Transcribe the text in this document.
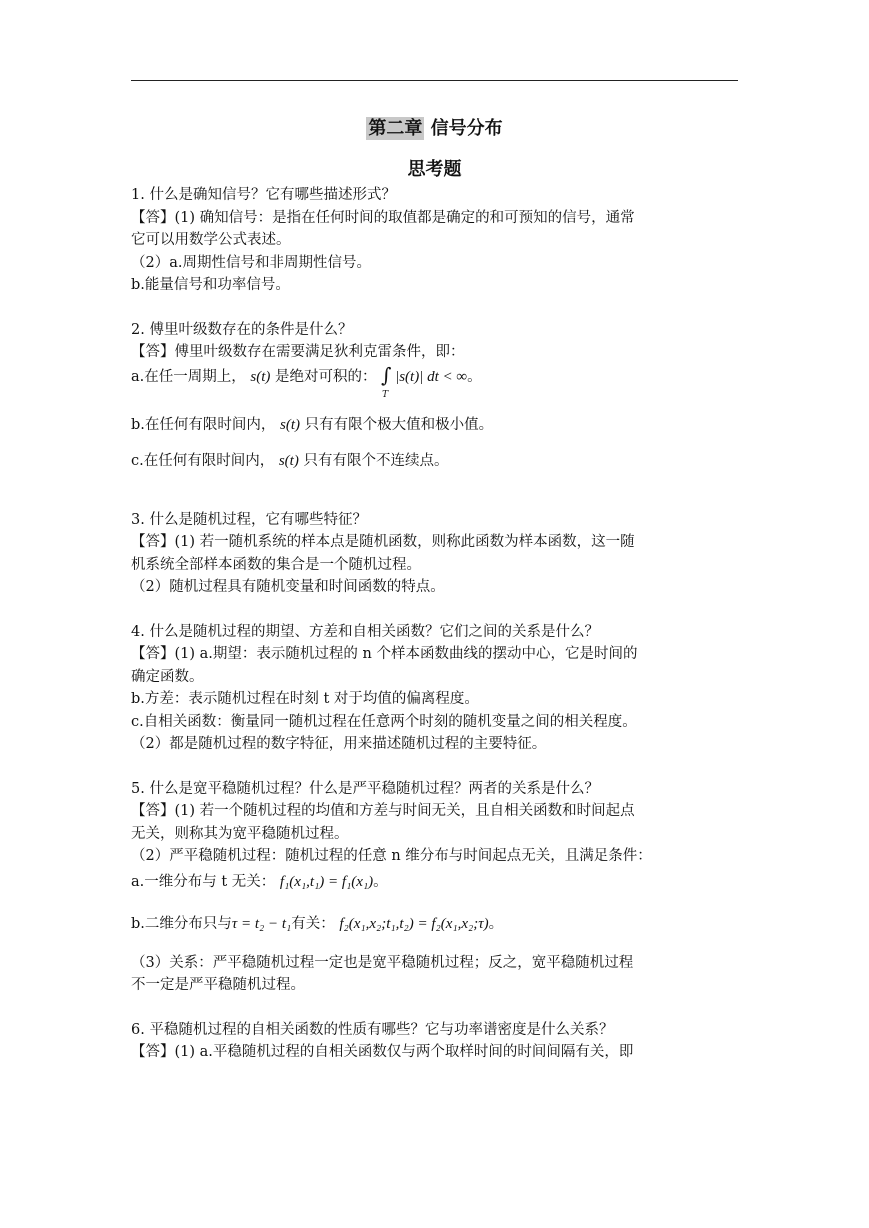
第二章 信号分布
思考题
1. 什么是确知信号？它有哪些描述形式？
【答】(1) 确知信号：是指在任何时间的取值都是确定的和可预知的信号，通常
它可以用数学公式表述。
（2）a.周期性信号和非周期性信号。
b.能量信号和功率信号。
2. 傅里叶级数存在的条件是什么？
【答】傅里叶级数存在需要满足狄利克雷条件，即：
a.在任一周期上， s(t) 是绝对可积的： ∫
T
|s(t)| dt < ∞。
b.在任何有限时间内， s(t) 只有有限个极大值和极小值。
c.在任何有限时间内， s(t) 只有有限个不连续点。
3. 什么是随机过程，它有哪些特征？
【答】(1) 若一随机系统的样本点是随机函数，则称此函数为样本函数，这一随
机系统全部样本函数的集合是一个随机过程。
（2）随机过程具有随机变量和时间函数的特点。
4. 什么是随机过程的期望、方差和自相关函数？它们之间的关系是什么？
【答】(1) a.期望：表示随机过程的 n 个样本函数曲线的摆动中心，它是时间的
确定函数。
b.方差：表示随机过程在时刻 t 对于均值的偏离程度。
c.自相关函数：衡量同一随机过程在任意两个时刻的随机变量之间的相关程度。
（2）都是随机过程的数字特征，用来描述随机过程的主要特征。
5. 什么是宽平稳随机过程？什么是严平稳随机过程？两者的关系是什么？
【答】(1) 若一个随机过程的均值和方差与时间无关，且自相关函数和时间起点
无关，则称其为宽平稳随机过程。
（2）严平稳随机过程：随机过程的任意 n 维分布与时间起点无关，且满足条件：
a.一维分布与 t 无关： f₁(x₁,t₁) = f₁(x₁)。
b.二维分布只与τ = t₂ − t₁有关： f₂(x₁,x₂;t₁,t₂) = f₂(x₁,x₂;τ)。
（3）关系：严平稳随机过程一定也是宽平稳随机过程；反之，宽平稳随机过程
不一定是严平稳随机过程。
6. 平稳随机过程的自相关函数的性质有哪些？它与功率谱密度是什么关系？
【答】(1) a.平稳随机过程的自相关函数仅与两个取样时间的时间间隔有关，即
